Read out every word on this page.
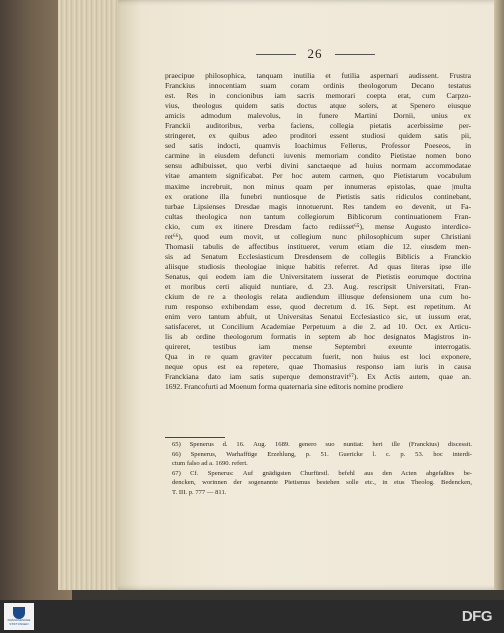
26
praecipue philosophica, tanquam inutilia et futilia aspernari audissent. Frustra
Franckius innocentiam suam coram ordinis theologorum Decano testatus
est. Res in concionibus iam sacris memorari coepta erat, cum Carpzo-
vius, theologus quidem satis doctus atque solers, at Spenero eiusque
amicis admodum malevolus, in funere Martini Dornii, unius ex
Franckii auditoribus, verba faciens, collegia pietatis acerbissime per-
stringeret, ex quibus adeo proditori essent studiosi quidem satis pii,
sed satis indocti, quamvis Ioachimus Fellerus, Professor Poeseos, in
carmine in eiusdem defuncti iuvenis memoriam condito Pietistae nomen bono
sensu adhibuisset, quo verbi divini sanctaeque ad huius normam accommodatae
vitae amantem significabat. Per hoc autem carmen, quo Pietistarum vocabulum
maxime increbruit, non minus quam per innumeras epistolas, quae |multa
ex oratione illa funebri nuntiosque de Pietistis satis ridiculos continebant,
turbae Lipsienses Dresdae magis innotuerunt. Res tandem eo devenit, ut Fa-
cultas theologica non tantum collegiorum Biblicorum continuationem Fran-
ckio, cum ex itinere Dresdam facto rediisset⁶⁵), mense Augusto interdice-
ret⁶⁶), quod eum movit, ut collegium nunc philosophicum super Christiani
Thomasii tabulis de affectibus institueret, verum etiam die 12. eiusdem men-
sis ad Senatum Ecclesiasticum Dresdensem de collegiis Biblicis a Franckio
aliisque studiosis theologiae inique habitis referret. Ad quas literas ipse ille
Senatus, qui eodem iam die Universitatem iusserat de Pietistis eorumque doctrina
et moribus certi aliquid nuntiare, d. 23. Aug. rescripsit Universitati, Fran-
ckium de re a theologis relata audiendum illiusque defensionem una cum ho-
rum responso exhibendam esse, quod decretum d. 16. Sept. est repetitum. At
enim vero tantum abfuit, ut Universitas Senatui Ecclesiastico sic, ut iussum erat,
satisfaceret, ut Concilium Academiae Perpetuum a die 2. ad 10. Oct. ex Articu-
lis ab ordine theologorum formatis in septem ab hoc designatos Magistros in-
quireret, testibus iam mense Septembri exeunte interrogatis.
Qua in re quam graviter peccatum fuerit, non huius est loci exponere,
neque opus est ea repetere, quae Thomasius responso iam iuris in causa
Franckiana dato iam satis superque demonstravit⁶⁷). Ex Actis autem, quae an.
1692. Francofurti ad Moenum forma quaternaria sine editoris nomine prodiere
65) Spenerus d. 16. Aug. 1689. genero suo nuntiat: heri ille (Franckius) discessit.
66) Spenerus, Warhafftige Erzehlung, p. 51. Guericke l. c. p. 53. hoc interdi-
ctum falso ad a. 1690. refert.
67) Cf. Spenerus: Auf gnädigsten Churfürstl. befehl aus den Acten abgefaßtes be-
dencken, worinnen der sogenannte Pietismus bestehen solle etc., in eius Theolog. Bedencken,
T. III. p. 777 — 811.
FRANCKESCHE STIFTUNGEN	DFG
